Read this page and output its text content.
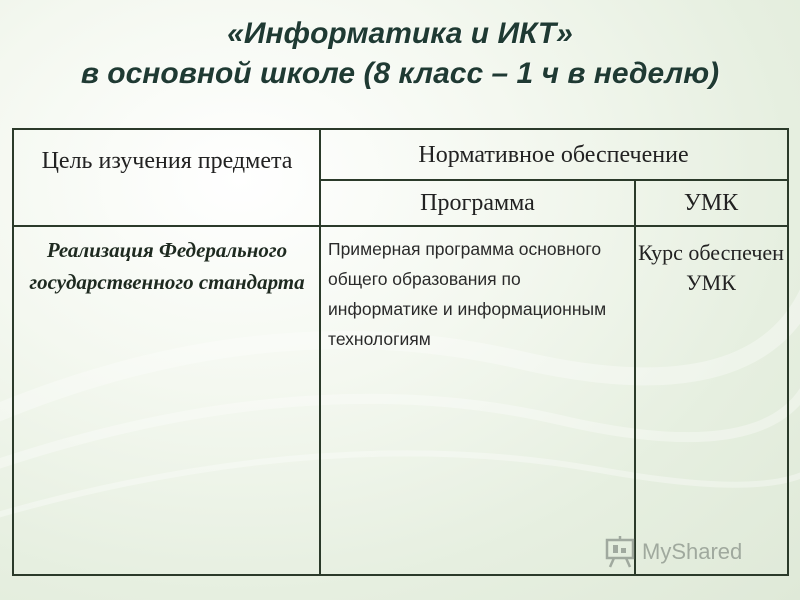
«Информатика и ИКТ»
в основной школе (8 класс – 1 ч в неделю)
Цель изучения предмета	Нормативное обеспечение
Программа	УМК
Реализация Федерального государственного стандарта
Примерная программа основного общего образования по информатике и информационным технологиям
Курс обеспечен УМК
MyShared
